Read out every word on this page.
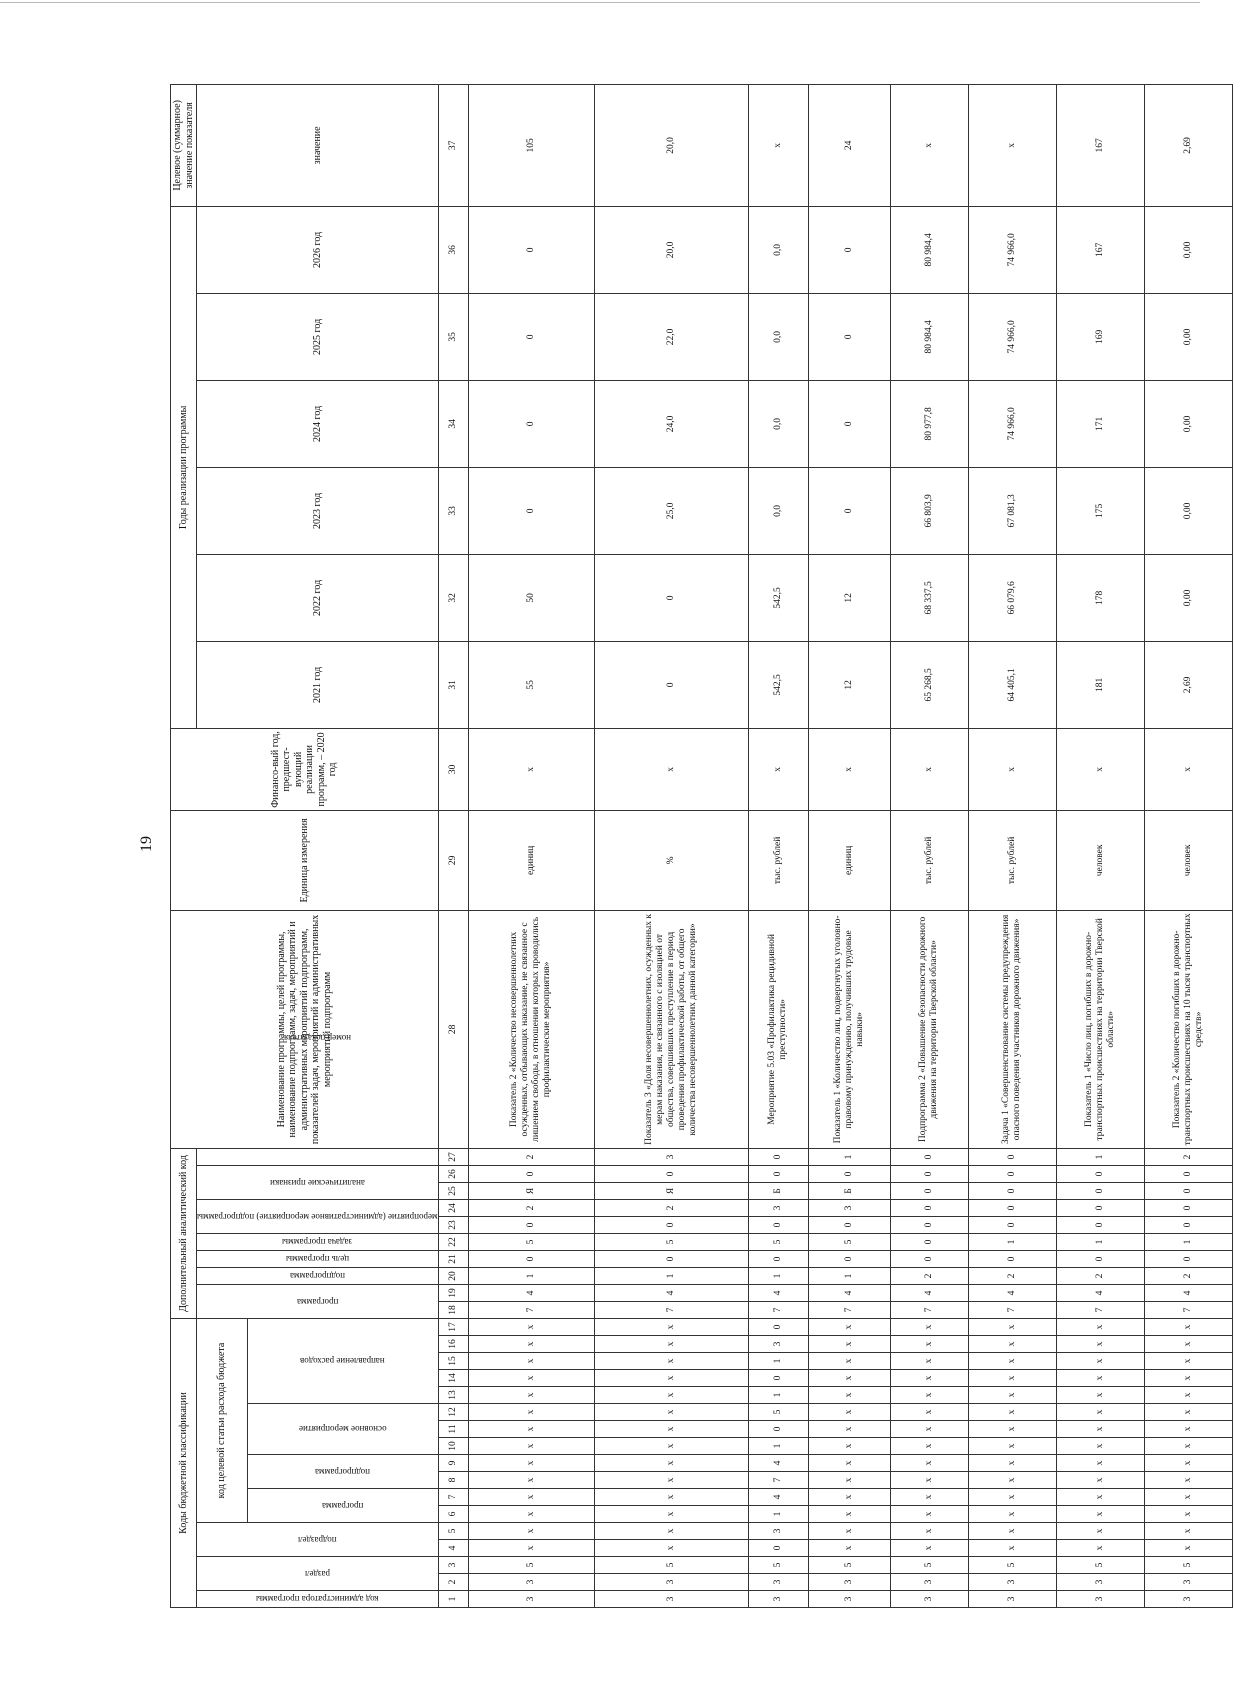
19
Коды бюджетной классификации																	Дополнительный аналитический код										Наименование программы, целей программы, наименование подпрограмм, задач, мероприятий и административных мероприятий подпрограмм, показателей задач, мероприятий и административных мероприятий подпрограмм	Единица измерения	Финансо-вый год, предшест-вующий реализации программ, – 2020 год	Годы реализации программы						Целевое (суммарное) значение показателя

код администратора программы	раздел		подраздел		код целевой статьи расхода бюджета												программа		подпрограмма	цель программы	задача программы	мероприятие (административное мероприятие) подпрограммы		аналитические признаки		номер показателя				2021 год	2022 год	2023 год	2024 год	2025 год	2026 год	значение

					программа		подпрограмма		основное мероприятие			направление расходов																								

1	2	3	4	5	6	7	8	9	10	11	12	13	14	15	16	17	18	19	20	21	22	23	24	25	26	27	28	29	30	31	32	33	34	35	36	37
3	3	5	x	x	x	x	x	x	x	x	x	x	x	x	x	x	7	4	1	0	5	0	2	Я	0	2	Показатель 2 «Количество несовершеннолетних осужденных, отбывающих наказание, не связанное с лишением свободы, в отношении которых проводились профилактические мероприятия»	единиц	x	55	50	0	0	0	0	105
3	3	5	x	x	x	x	x	x	x	x	x	x	x	x	x	x	7	4	1	0	5	0	2	Я	0	3	Показатель 3 «Доля несовершеннолетних, осужденных к мерам наказания, не связанного с изоляцией от общества, совершивших преступление в период проведения профилактической работы, от общего количества несовершеннолетних данной категории»	%	x	0	0	25,0	24,0	22,0	20,0	20,0
3	3	5	0	3	1	4	7	4	1	0	5	1	0	1	3	0	7	4	1	0	5	0	3	Б	0	0	Мероприятие 5.03 «Профилактика рецидивной преступности»	тыс. рублей	x	542,5	542,5	0,0	0,0	0,0	0,0	x
3	3	5	x	x	x	x	x	x	x	x	x	x	x	x	x	x	7	4	1	0	5	0	3	Б	0	1	Показатель 1 «Количество лиц, подвергнутых уголовно-правовому принуждению, получивших трудовые навыки»	единиц	x	12	12	0	0	0	0	24
3	3	5	x	x	x	x	x	x	x	x	x	x	x	x	x	x	7	4	2	0	0	0	0	0	0	0	Подпрограмма 2 «Повышение безопасности дорожного движения на территории Тверской области»	тыс. рублей	x	65 268,5	68 337,5	66 803,9	80 977,8	80 984,4	80 984,4	x
3	3	5	x	x	x	x	x	x	x	x	x	x	x	x	x	x	7	4	2	0	1	0	0	0	0	0	Задача 1 «Совершенствование системы предупреждения опасного поведения участников дорожного движения»	тыс. рублей	x	64 405,1	66 079,6	67 081,3	74 966,0	74 966,0	74 966,0	x
3	3	5	x	x	x	x	x	x	x	x	x	x	x	x	x	x	7	4	2	0	1	0	0	0	0	1	Показатель 1 «Число лиц, погибших в дорожно-транспортных происшествиях на территории Тверской области»	человек	x	181	178	175	171	169	167	167
3	3	5	x	x	x	x	x	x	x	x	x	x	x	x	x	x	7	4	2	0	1	0	0	0	0	2	Показатель 2 «Количество погибших в дорожно-транспортных происшествиях на 10 тысяч транспортных средств»	человек	x	2,69	0,00	0,00	0,00	0,00	0,00	2,69
